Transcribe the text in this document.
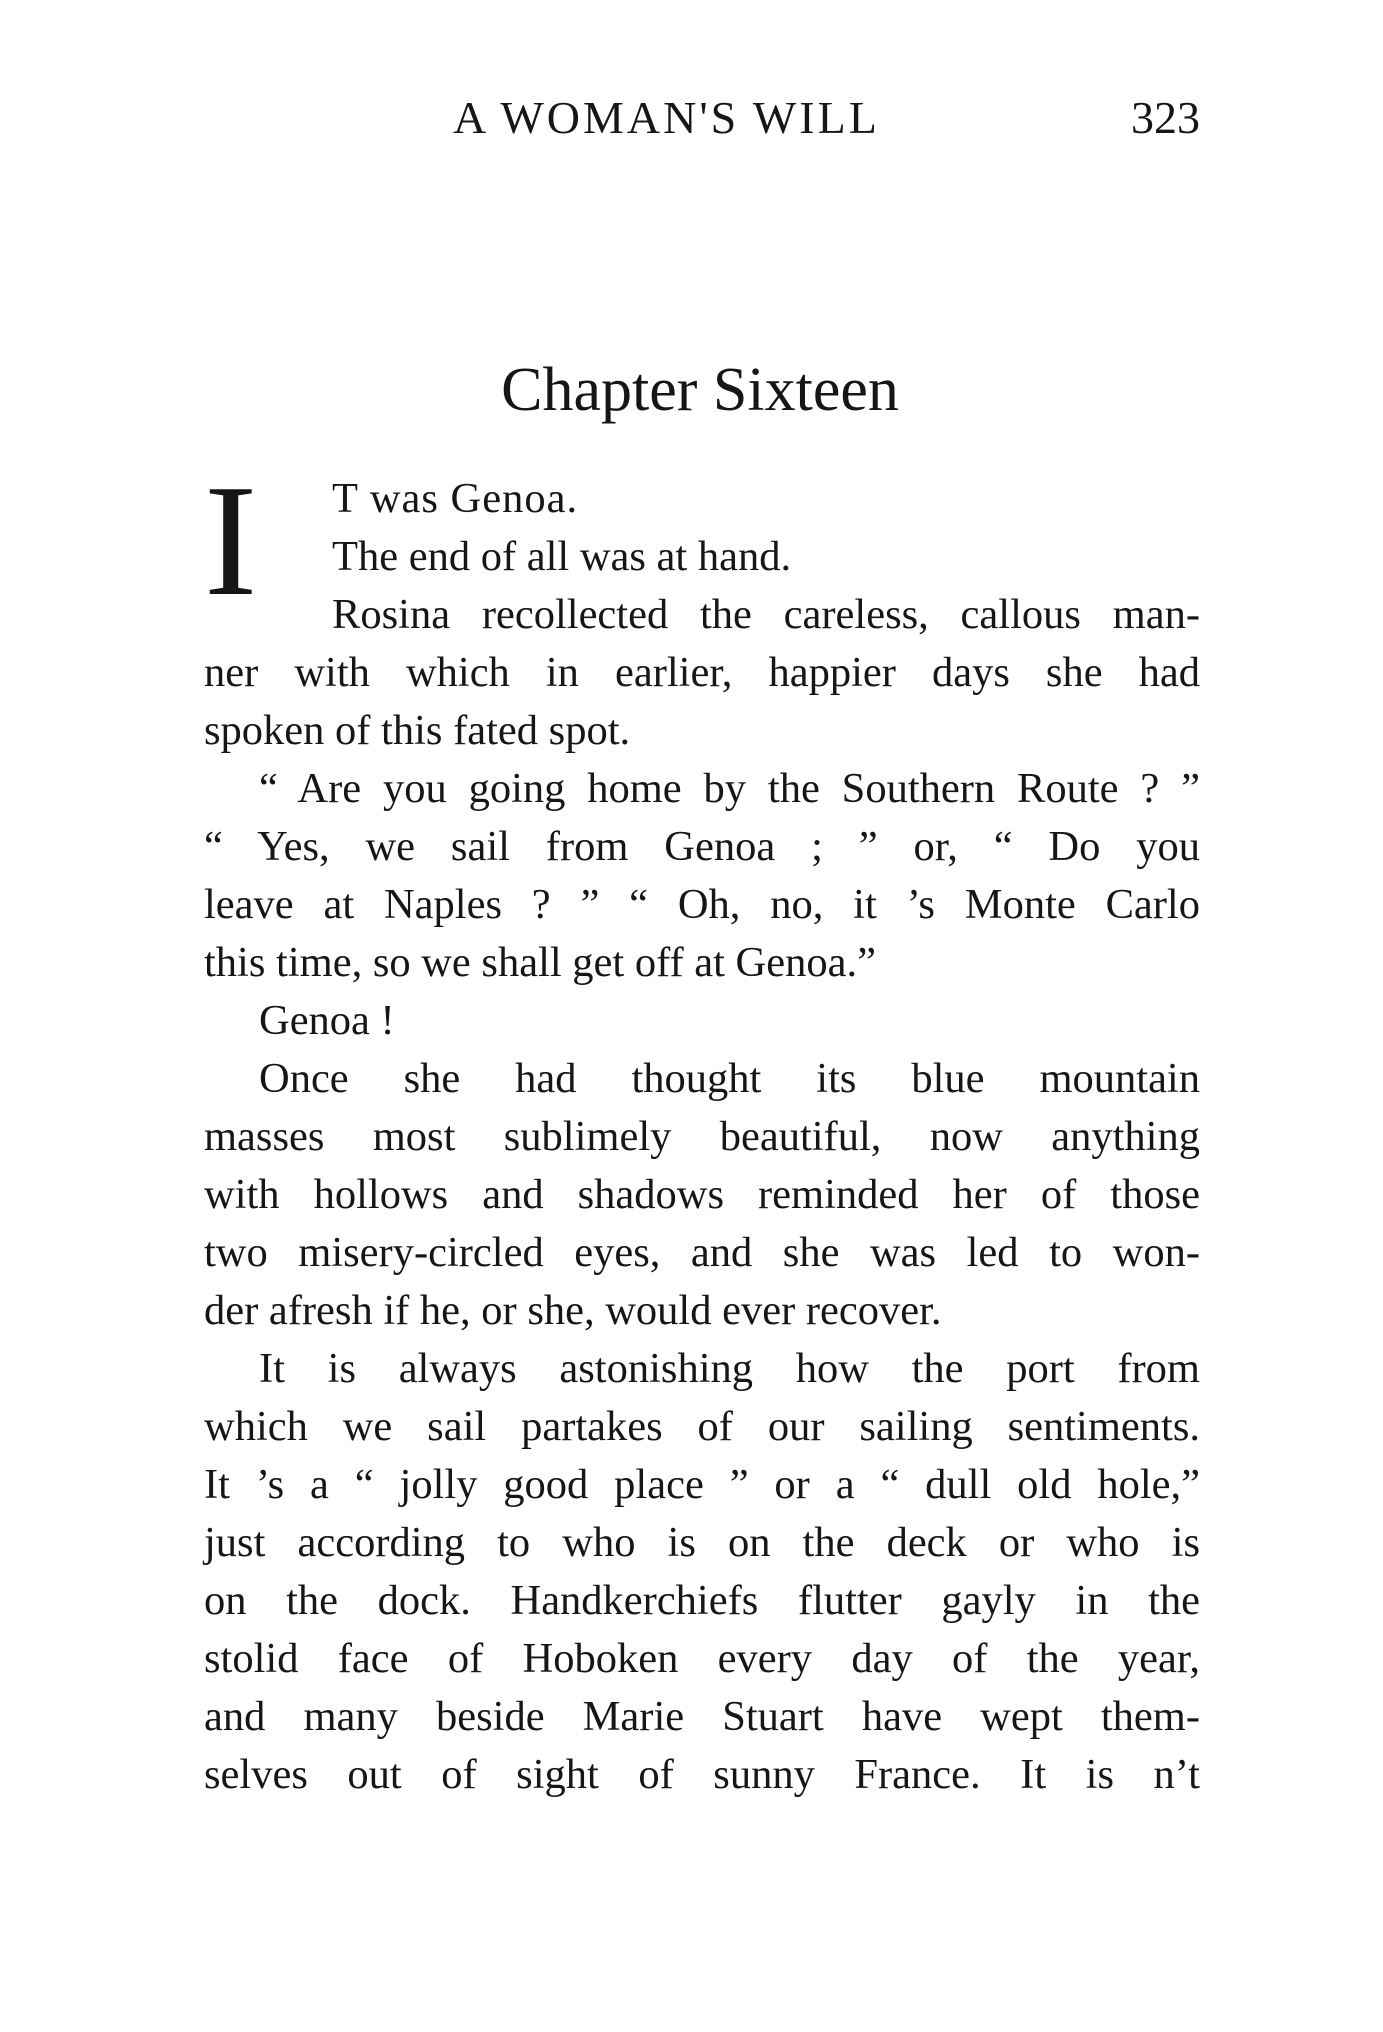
A WOMAN'S WILL	323
Chapter Sixteen
I	T was Genoa.
The end of all was at hand.
Rosina recollected the careless, callous man-
ner with which in earlier, happier days she had
spoken of this fated spot.
“ Are you going home by the Southern Route ? ”
“ Yes, we sail from Genoa ; ” or, “ Do you
leave at Naples ? ” “ Oh, no, it ’s Monte Carlo
this time, so we shall get off at Genoa.”
Genoa !
Once she had thought its blue mountain
masses most sublimely beautiful, now anything
with hollows and shadows reminded her of those
two misery-circled eyes, and she was led to won-
der afresh if he, or she, would ever recover.
It is always astonishing how the port from
which we sail partakes of our sailing sentiments.
It ’s a “ jolly good place ” or a “ dull old hole,”
just according to who is on the deck or who is
on the dock. Handkerchiefs flutter gayly in the
stolid face of Hoboken every day of the year,
and many beside Marie Stuart have wept them-
selves out of sight of sunny France. It is n’t
